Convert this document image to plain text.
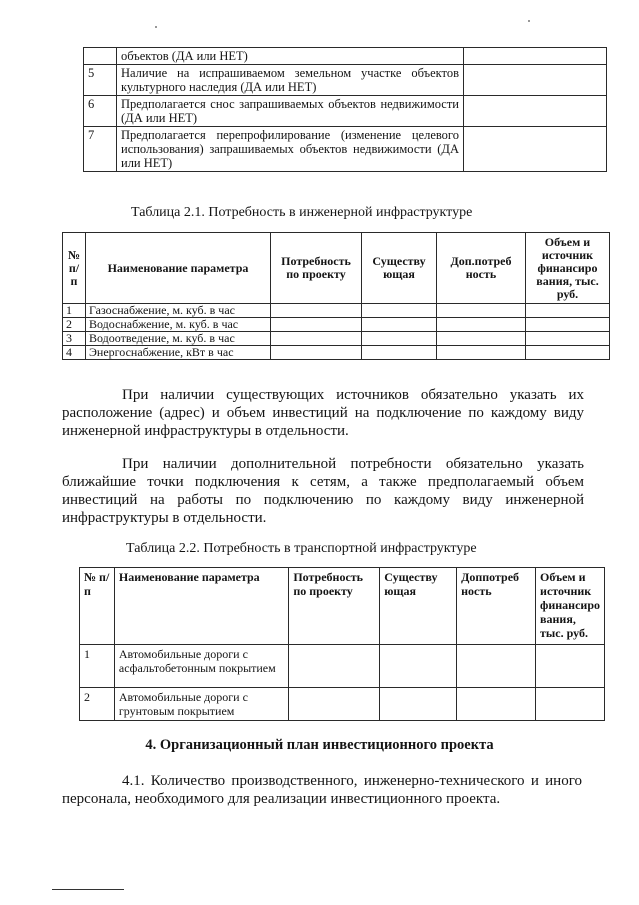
	объектов (ДА или НЕТ)	
5	Наличие на испрашиваемом земельном участке объектов культурного наследия (ДА или НЕТ)	
6	Предполагается снос запрашиваемых объектов недвижимости (ДА или НЕТ)	
7	Предполагается перепрофилирование (изменение целевого использования) запрашиваемых объектов недвижимости (ДА или НЕТ)	
Таблица 2.1. Потребность в инженерной инфраструктуре
№ п/ п	Наименование параметра	Потребность по проекту	Существу ющая	Доп.потреб ность	Объем и источник финансиро вания, тыс. руб.
1	Газоснабжение, м. куб. в час				
2	Водоснабжение, м. куб. в час				
3	Водоотведение, м. куб. в час				
4	Энергоснабжение, кВт в час				
При наличии существующих источников обязательно указать их расположение (адрес) и объем инвестиций на подключение по каждому виду инженерной инфраструктуры в отдельности.
При наличии дополнительной потребности обязательно указать ближайшие точки подключения к сетям, а также предполагаемый объем инвестиций на работы по подключению по каждому виду инженерной инфраструктуры в отдельности.
Таблица 2.2. Потребность в транспортной инфраструктуре
№ п/п	Наименование параметра	Потребность по проекту	Существу ющая	Доппотреб ность	Объем и источник финансиро вания, тыс. руб.
1	Автомобильные дороги с асфальтобетонным покрытием				
2	Автомобильные дороги с грунтовым покрытием				
4. Организационный план инвестиционного проекта
4.1. Количество производственного, инженерно-технического и иного персонала, необходимого для реализации инвестиционного проекта.
